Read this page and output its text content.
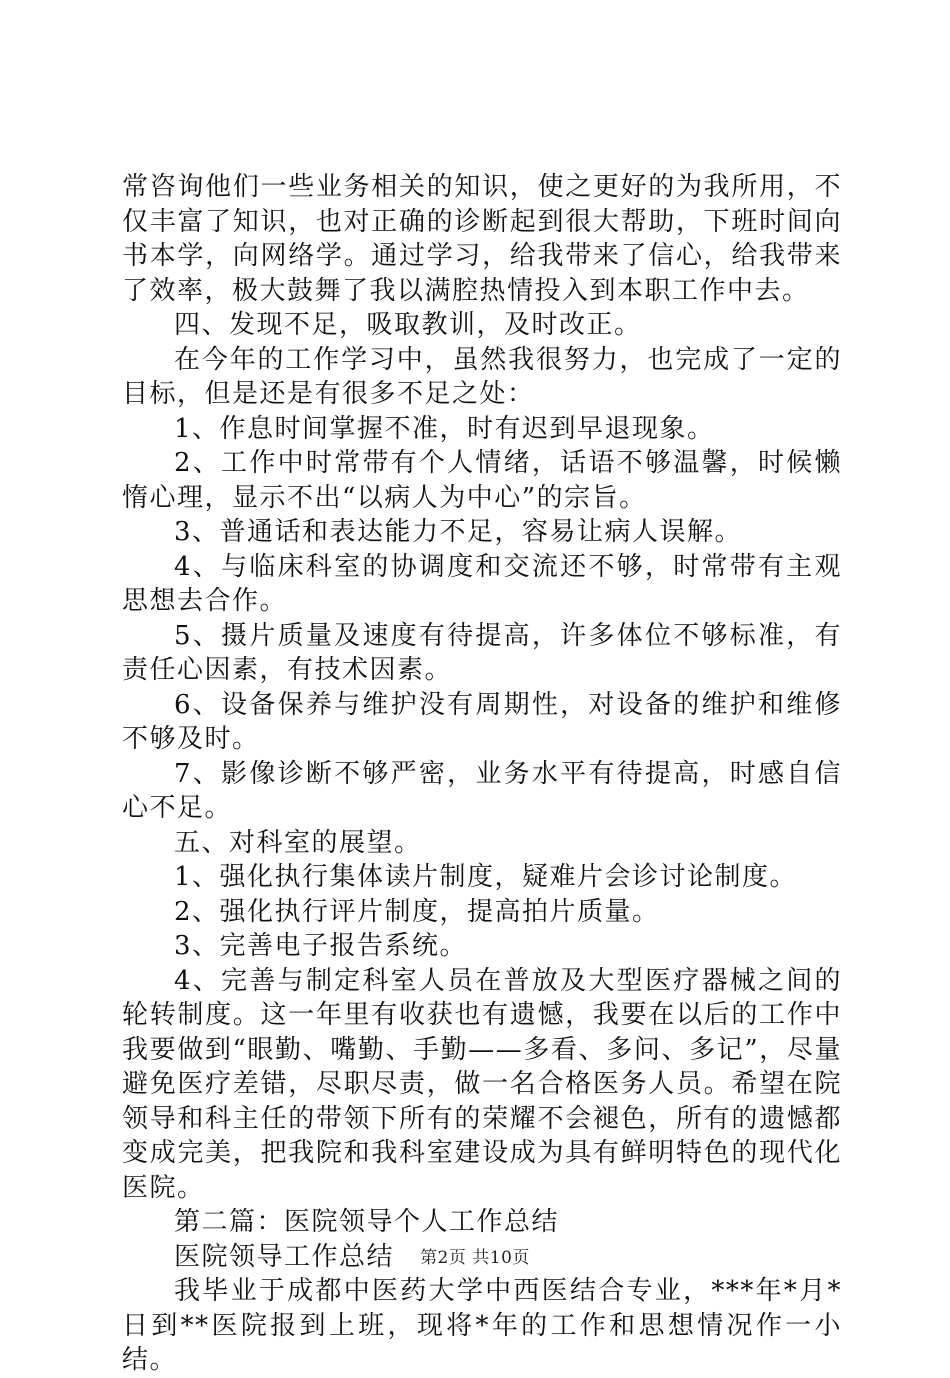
常咨询他们一些业务相关的知识，使之更好的为我所用，不仅丰富了知识，也对正确的诊断起到很大帮助，下班时间向书本学，向网络学。通过学习，给我带来了信心，给我带来了效率，极大鼓舞了我以满腔热情投入到本职工作中去。

四、发现不足，吸取教训，及时改正。

在今年的工作学习中，虽然我很努力，也完成了一定的目标，但是还是有很多不足之处：

1、作息时间掌握不准，时有迟到早退现象。

2、工作中时常带有个人情绪，话语不够温馨，时候懒惰心理，显示不出“以病人为中心”的宗旨。

3、普通话和表达能力不足，容易让病人误解。

4、与临床科室的协调度和交流还不够，时常带有主观思想去合作。

5、摄片质量及速度有待提高，许多体位不够标准，有责任心因素，有技术因素。

6、设备保养与维护没有周期性，对设备的维护和维修不够及时。

7、影像诊断不够严密，业务水平有待提高，时感自信心不足。

五、对科室的展望。

1、强化执行集体读片制度，疑难片会诊讨论制度。

2、强化执行评片制度，提高拍片质量。

3、完善电子报告系统。

4、完善与制定科室人员在普放及大型医疗器械之间的轮转制度。这一年里有收获也有遗憾，我要在以后的工作中我要做到“眼勤、嘴勤、手勤——多看、多问、多记”，尽量避免医疗差错，尽职尽责，做一名合格医务人员。希望在院领导和科主任的带领下所有的荣耀不会褪色，所有的遗憾都变成完美，把我院和我科室建设成为具有鲜明特色的现代化医院。

第二篇：医院领导个人工作总结

医院领导工作总结

我毕业于成都中医药大学中西医结合专业，***年*月*日到**医院报到上班，现将*年的工作和思想情况作一小结。

第2页 共10页
